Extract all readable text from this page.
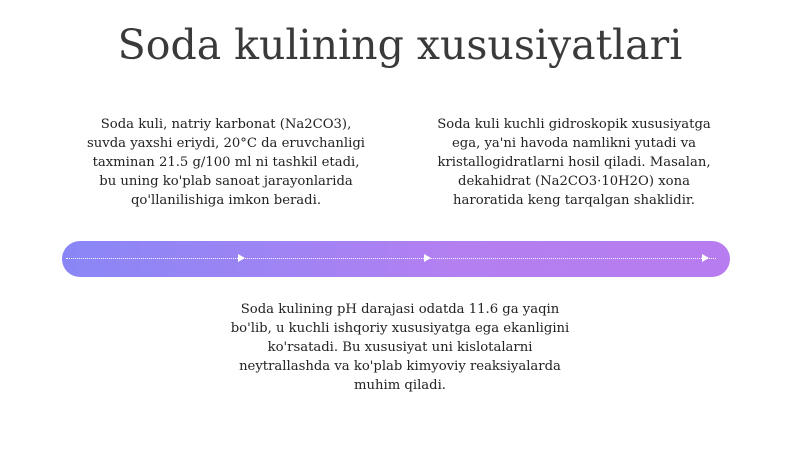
Soda kulining xususiyatlari

Soda kuli, natriy karbonat (Na2CO3), suvda yaxshi eriydi, 20°C da eruvchanligi taxminan 21.5 g/100 ml ni tashkil etadi, bu uning ko'plab sanoat jarayonlarida qo'llanilishiga imkon beradi.

Soda kuli kuchli gidroskopik xususiyatga ega, ya'ni havoda namlikni yutadi va kristallogidratlarni hosil qiladi. Masalan, dekahidrat (Na2CO3·10H2O) xona haroratida keng tarqalgan shaklidir.

Soda kulining pH darajasi odatda 11.6 ga yaqin bo'lib, u kuchli ishqoriy xususiyatga ega ekanligini ko'rsatadi. Bu xususiyat uni kislotalarni neytrallashda va ko'plab kimyoviy reaksiyalarda muhim qiladi.
